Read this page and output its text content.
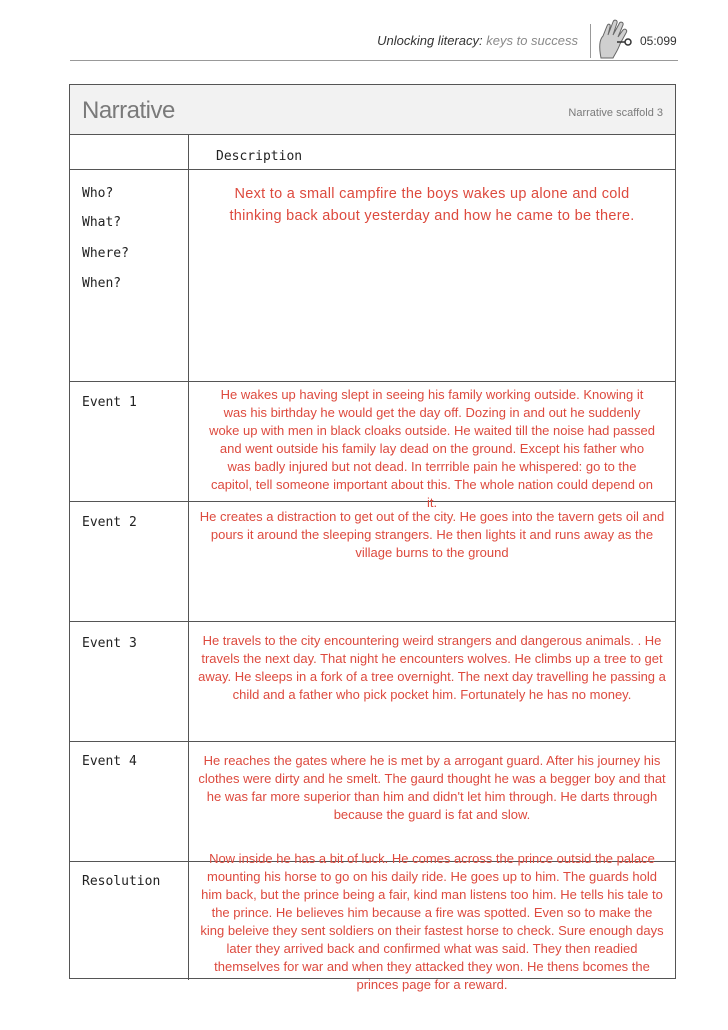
Unlocking literacy: keys to success	05:099
Narrative	Narrative scaffold 3
Description
Who?
What?
Where?
When?
Next to a small campfire the boys wakes up alone and cold thinking back about yesterday and how he came to be there.
Event 1
He wakes up having slept in seeing his family working outside. Knowing it was his birthday he would get the day off. Dozing in and out he suddenly woke up with men in black cloaks outside. He waited till the noise had passed and went outside his family lay dead on the ground. Except his father who was badly injured but not dead. In terrrible pain he whispered: go to the capitol, tell someone important about this. The whole nation could depend on it.
Event 2	He creates a distraction to get out of the city. He goes into the tavern gets oil and pours it around the sleeping strangers. He then lights it and runs away as the village burns to the ground
Event 3	He travels to the city encountering weird strangers and dangerous animals. . He travels the next day. That night he encounters wolves. He climbs up a tree to get away. He sleeps in a fork of a tree overnight. The next day travelling he passing a child and a father who pick pocket him. Fortunately he has no money.
Event 4	He reaches the gates where he is met by a arrogant guard. After his journey his clothes were dirty and he smelt. The gaurd thought he was a begger boy and that he was far more superior than him and didn't let him through. He darts through because the guard is fat and slow.
Resolution
Now inside he has a bit of luck. He comes across the prince outsid the palace mounting his horse to go on his daily ride. He goes up to him. The guards hold him back, but the prince being a fair, kind man listens too him. He tells his tale to the prince. He believes him because a fire was spotted. Even so to make the king beleive they sent soldiers on their fastest horse to check. Sure enough days later they arrived back and confirmed what was said. They then readied themselves for war and when they attacked they won. He thens bcomes the princes page for a reward.
